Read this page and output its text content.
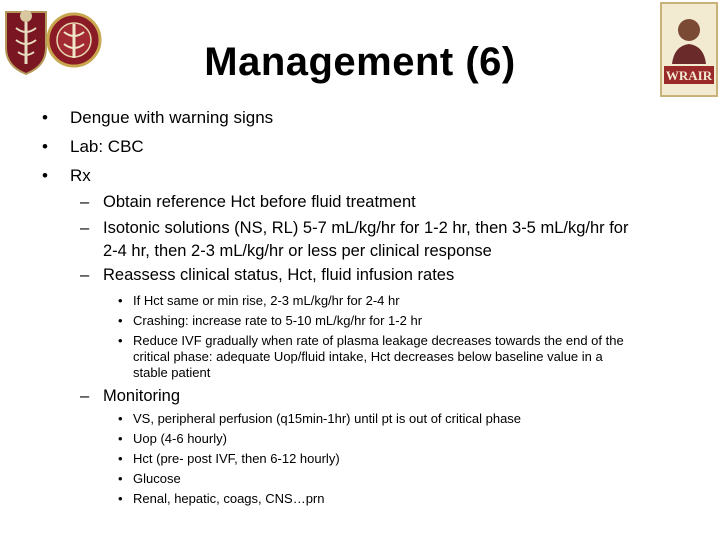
WRAIR
Management (6)
• Dengue with warning signs
• Lab: CBC
• Rx
– Obtain reference Hct before fluid treatment
– Isotonic solutions (NS, RL) 5-7 mL/kg/hr for 1-2 hr, then 3-5 mL/kg/hr for
2-4 hr, then 2-3 mL/kg/hr or less per clinical response
– Reassess clinical status, Hct, fluid infusion rates
• If Hct same or min rise, 2-3 mL/kg/hr for 2-4 hr
• Crashing: increase rate to 5-10 mL/kg/hr for 1-2 hr
• Reduce IVF gradually when rate of plasma leakage decreases towards the end of the
critical phase: adequate Uop/fluid intake, Hct decreases below baseline value in a
stable patient
– Monitoring
• VS, peripheral perfusion (q15min-1hr) until pt is out of critical phase
• Uop (4-6 hourly)
• Hct (pre- post IVF, then 6-12 hourly)
• Glucose
• Renal, hepatic, coags, CNS…prn
